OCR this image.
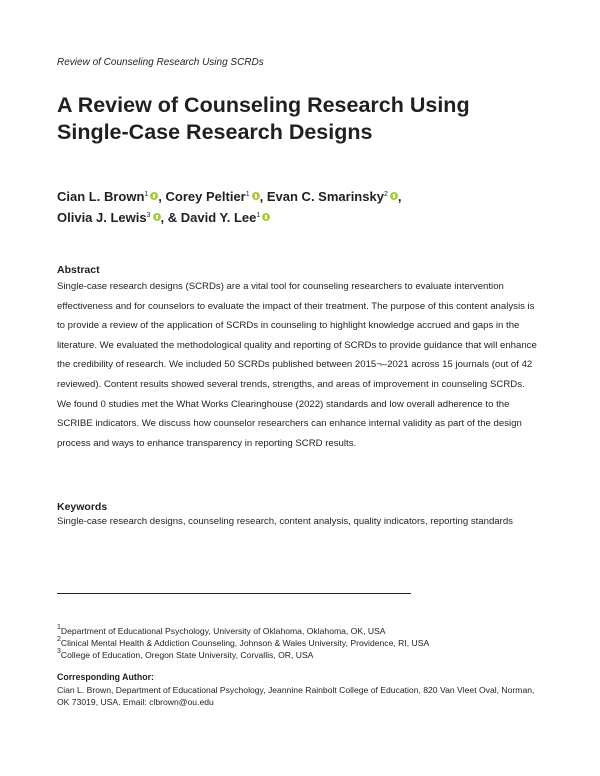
Review of Counseling Research Using SCRDs
A Review of Counseling Research Using
Single-Case Research Designs
Cian L. Brown$^1$ , Corey Peltier$^1$ , Evan C. Smarinsky$^2$ ,
Olivia J. Lewis$^3$ , & David Y. Lee$^1$
Abstract

Single-case research designs (SCRDs) are a vital tool for counseling researchers to evaluate intervention effectiveness and for counselors to evaluate the impact of their treatment. The purpose of this content analysis is to provide a review of the application of SCRDs in counseling to highlight knowledge accrued and gaps in the literature. We evaluated the methodological quality and reporting of SCRDs to provide guidance that will enhance the credibility of research. We included 50 SCRDs published between 2015¬–2021 across 15 journals (out of 42 reviewed). Content results showed several trends, strengths, and areas of improvement in counseling SCRDs. We found 0 studies met the What Works Clearinghouse (2022) standards and low overall adherence to the SCRIBE indicators. We discuss how counselor researchers can enhance internal validity as part of the design process and ways to enhance transparency in reporting SCRD results.

Keywords

Single-case research designs, counseling research, content analysis, quality indicators, reporting standards

$^1$Department of Educational Psychology, University of Oklahoma, Oklahoma, OK, USA
$^2$Clinical Mental Health & Addiction Counseling, Johnson & Wales University, Providence, RI, USA
$^3$College of Education, Oregon State University, Corvallis, OR, USA
Corresponding Author:

Cian L. Brown, Department of Educational Psychology, Jeannine Rainbolt College of Education, 820 Van Vleet Oval, Norman, OK 73019, USA. Email: clbrown@ou.edu
